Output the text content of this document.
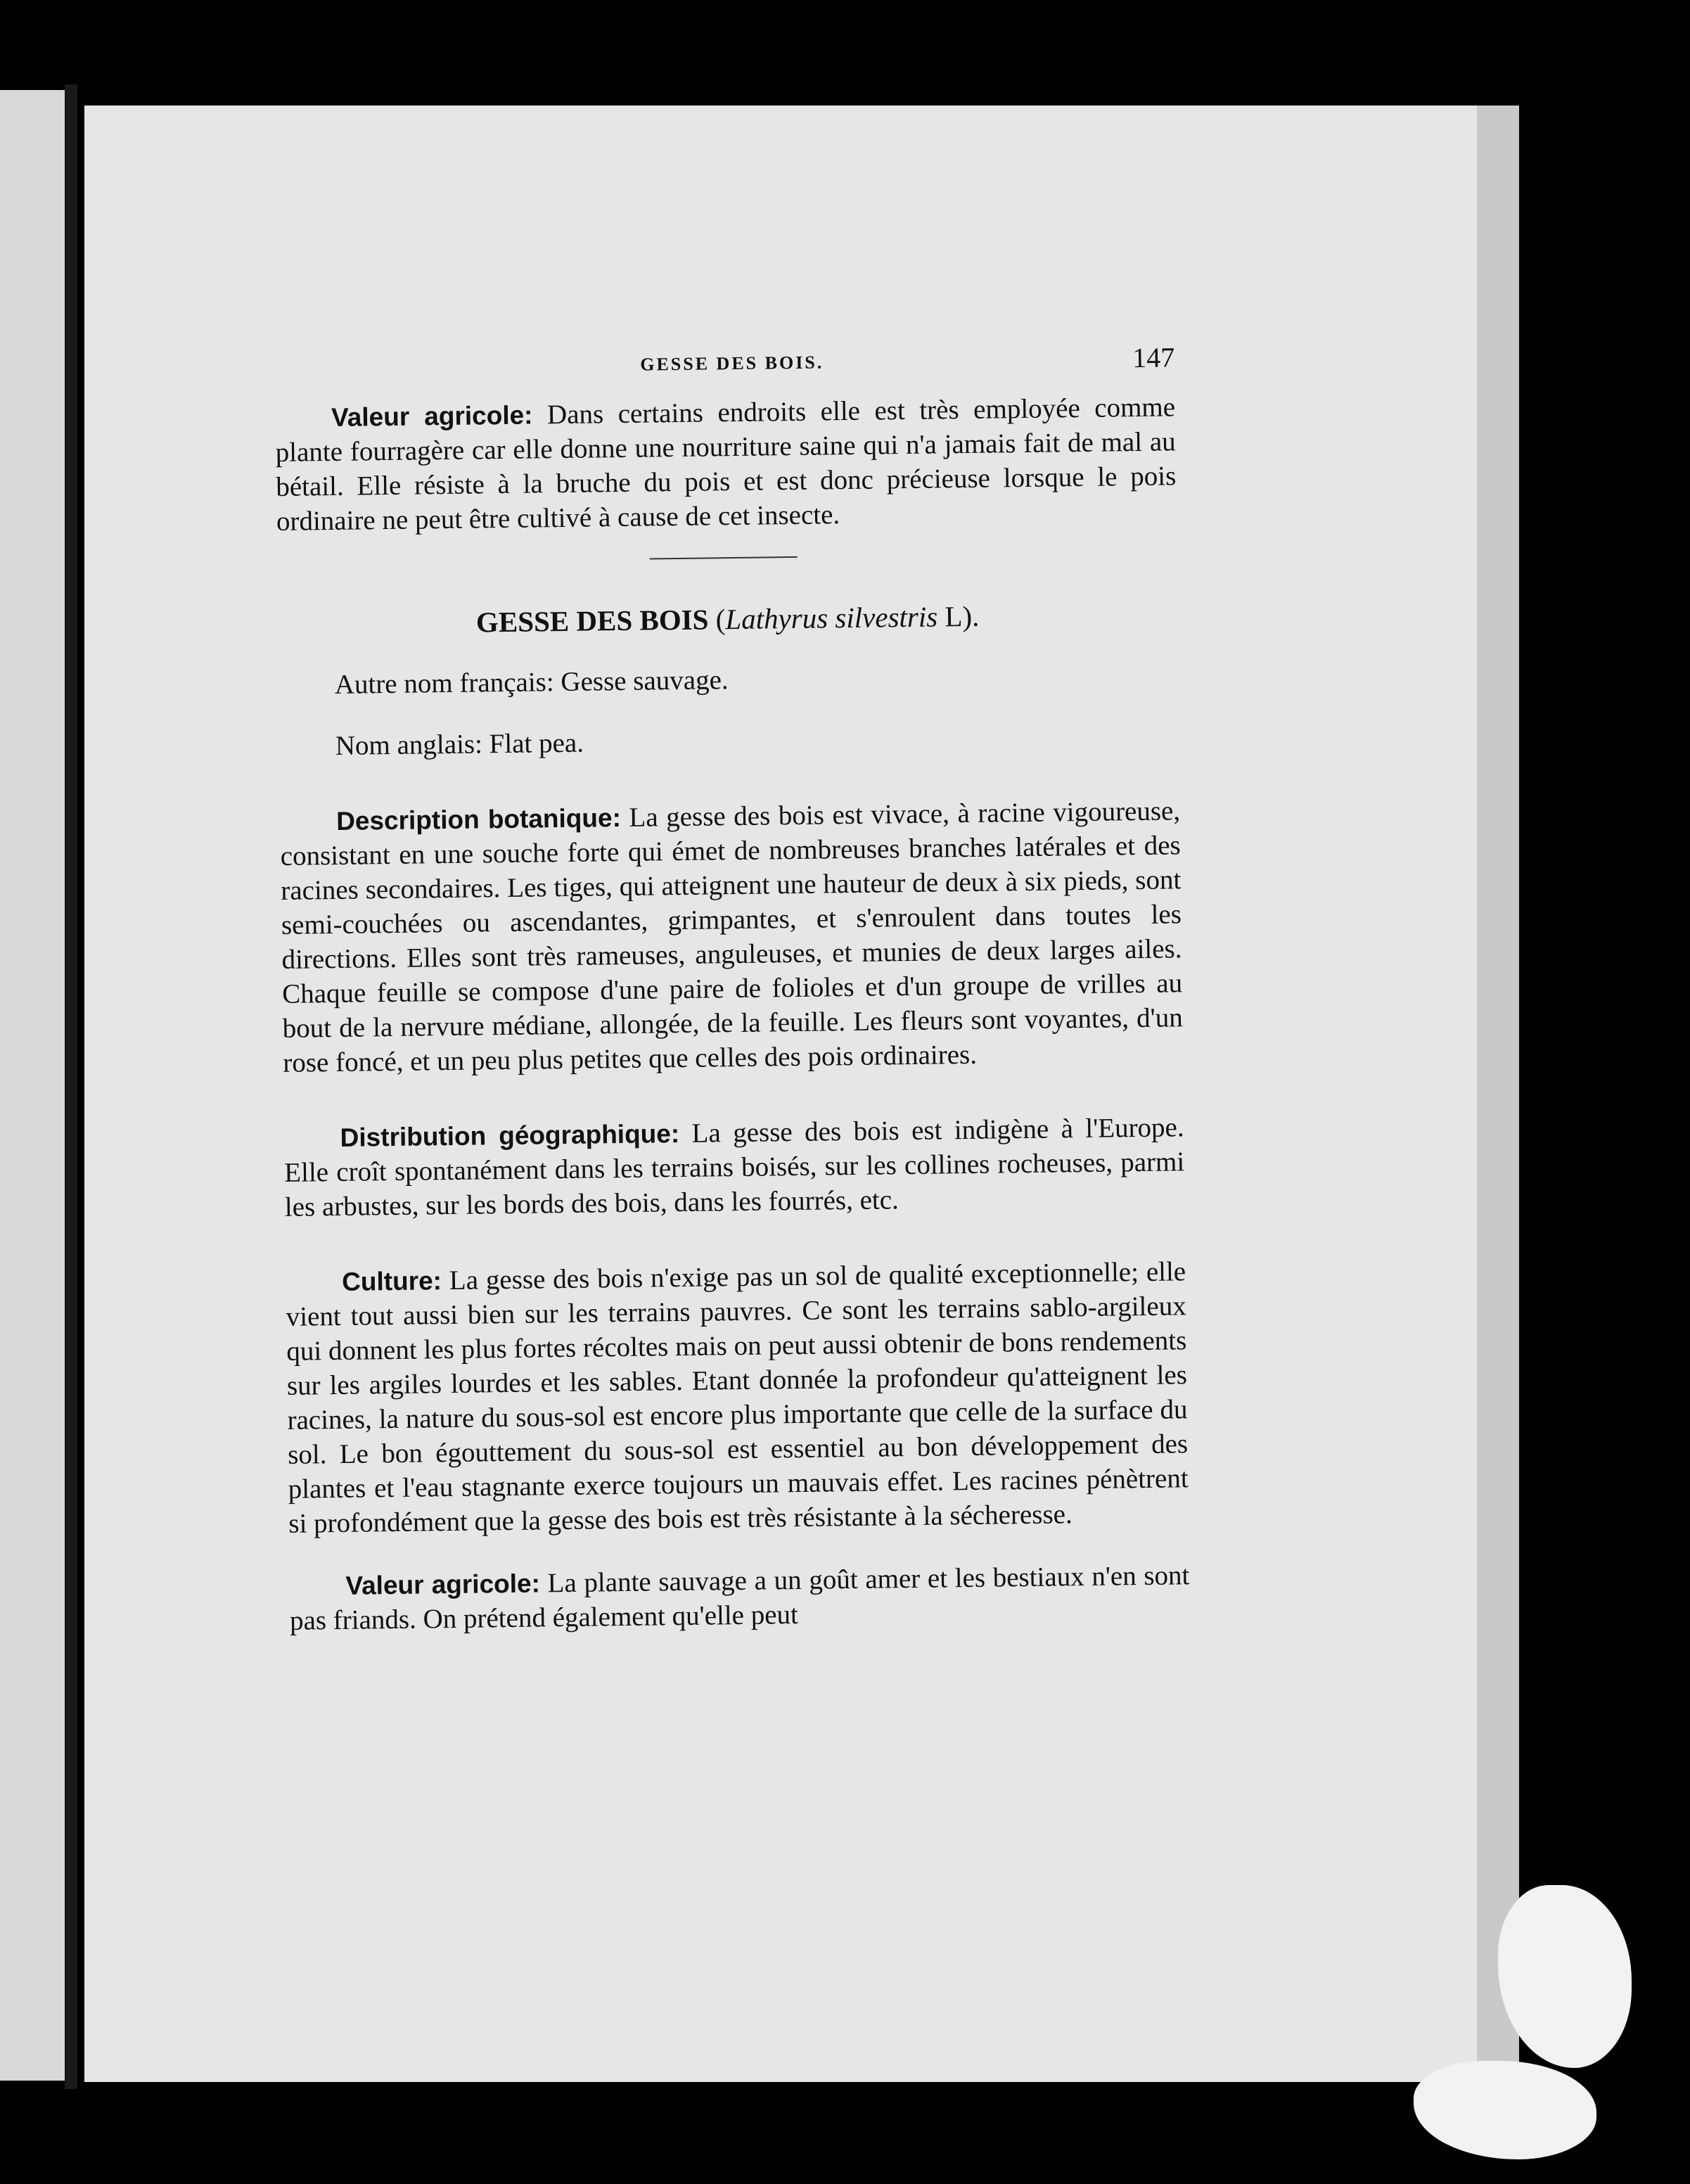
GESSE DES BOIS.	147

Valeur agricole: Dans certains endroits elle est très employée comme plante fourragère car elle donne une nourriture saine qui n'a jamais fait de mal au bétail. Elle résiste à la bruche du pois et est donc précieuse lorsque le pois ordinaire ne peut être cultivé à cause de cet insecte.

GESSE DES BOIS (Lathyrus silvestris L).

Autre nom français: Gesse sauvage.

Nom anglais: Flat pea.

Description botanique: La gesse des bois est vivace, à racine vigoureuse, consistant en une souche forte qui émet de nombreuses branches latérales et des racines secondaires. Les tiges, qui atteignent une hauteur de deux à six pieds, sont semi-couchées ou ascendantes, grimpantes, et s'enroulent dans toutes les directions. Elles sont très rameuses, anguleuses, et munies de deux larges ailes. Chaque feuille se compose d'une paire de folioles et d'un groupe de vrilles au bout de la nervure médiane, allongée, de la feuille. Les fleurs sont voyantes, d'un rose foncé, et un peu plus petites que celles des pois ordinaires.

Distribution géographique: La gesse des bois est indigène à l'Europe. Elle croît spontanément dans les terrains boisés, sur les collines rocheuses, parmi les arbustes, sur les bords des bois, dans les fourrés, etc.

Culture: La gesse des bois n'exige pas un sol de qualité exceptionnelle; elle vient tout aussi bien sur les terrains pauvres. Ce sont les terrains sablo-argileux qui donnent les plus fortes récoltes mais on peut aussi obtenir de bons rendements sur les argiles lourdes et les sables. Etant donnée la profondeur qu'atteignent les racines, la nature du sous-sol est encore plus importante que celle de la surface du sol. Le bon égouttement du sous-sol est essentiel au bon développement des plantes et l'eau stagnante exerce toujours un mauvais effet. Les racines pénètrent si profondément que la gesse des bois est très résistante à la sécheresse.

Valeur agricole: La plante sauvage a un goût amer et les bestiaux n'en sont pas friands. On prétend également qu'elle peut
